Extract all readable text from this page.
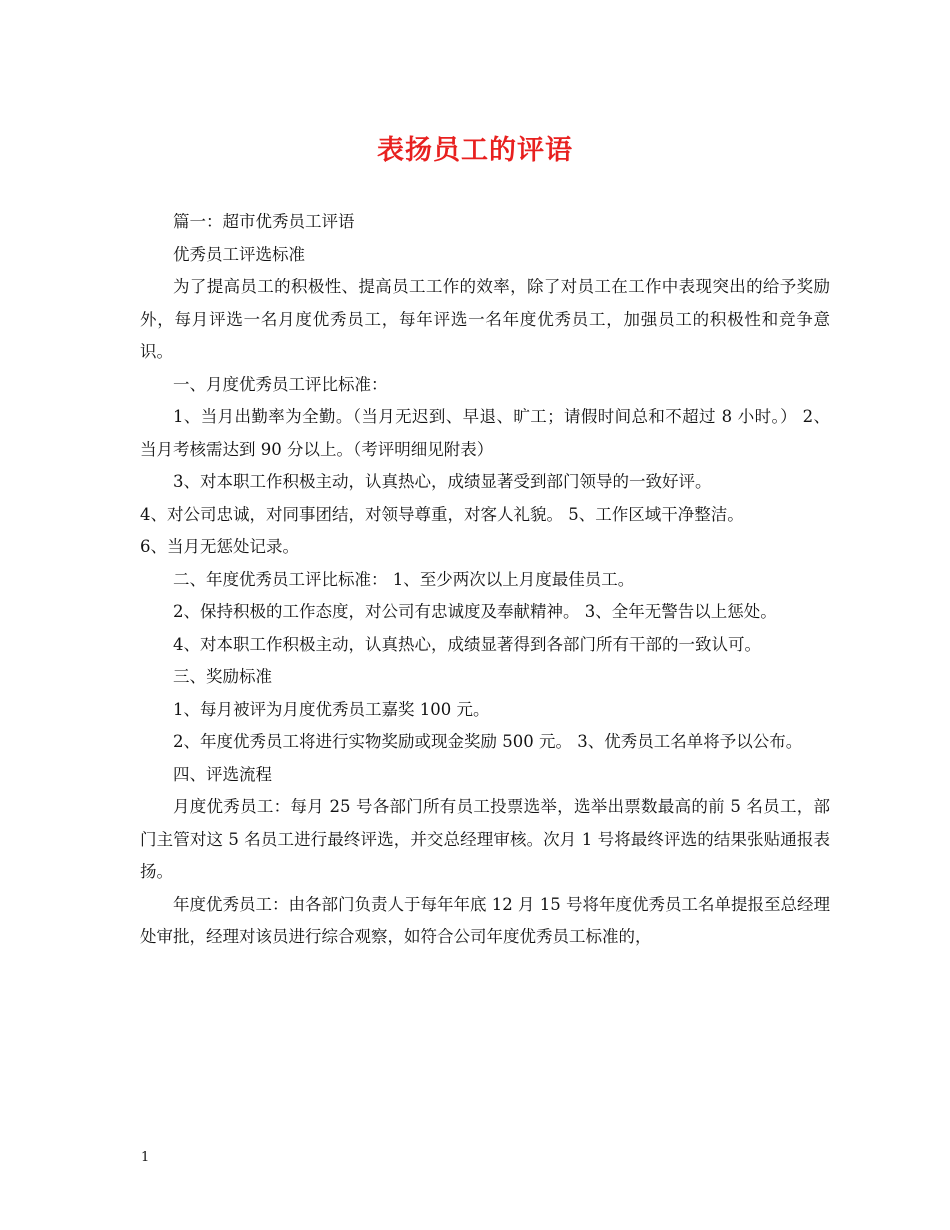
表扬员工的评语

篇一：超市优秀员工评语

优秀员工评选标准

为了提高员工的积极性、提高员工工作的效率，除了对员工在工作中表现突出的给予奖励外，每月评选一名月度优秀员工，每年评选一名年度优秀员工，加强员工的积极性和竞争意识。

一、月度优秀员工评比标准：

1、当月出勤率为全勤。（当月无迟到、早退、旷工；请假时间总和不超过 8 小时。） 2、当月考核需达到 90 分以上。（考评明细见附表）

3、对本职工作积极主动，认真热心，成绩显著受到部门领导的一致好评。

4、对公司忠诚，对同事团结，对领导尊重，对客人礼貌。 5、工作区域干净整洁。

6、当月无惩处记录。

二、年度优秀员工评比标准： 1、至少两次以上月度最佳员工。

2、保持积极的工作态度，对公司有忠诚度及奉献精神。 3、全年无警告以上惩处。

4、对本职工作积极主动，认真热心，成绩显著得到各部门所有干部的一致认可。

三、奖励标准

1、每月被评为月度优秀员工嘉奖 100 元。

2、年度优秀员工将进行实物奖励或现金奖励 500 元。 3、优秀员工名单将予以公布。

四、评选流程

月度优秀员工：每月 25 号各部门所有员工投票选举，选举出票数最高的前 5 名员工，部门主管对这 5 名员工进行最终评选，并交总经理审核。次月 1 号将最终评选的结果张贴通报表扬。

年度优秀员工：由各部门负责人于每年年底 12 月 15 号将年度优秀员工名单提报至总经理处审批，经理对该员进行综合观察，如符合公司年度优秀员工标准的，

1
